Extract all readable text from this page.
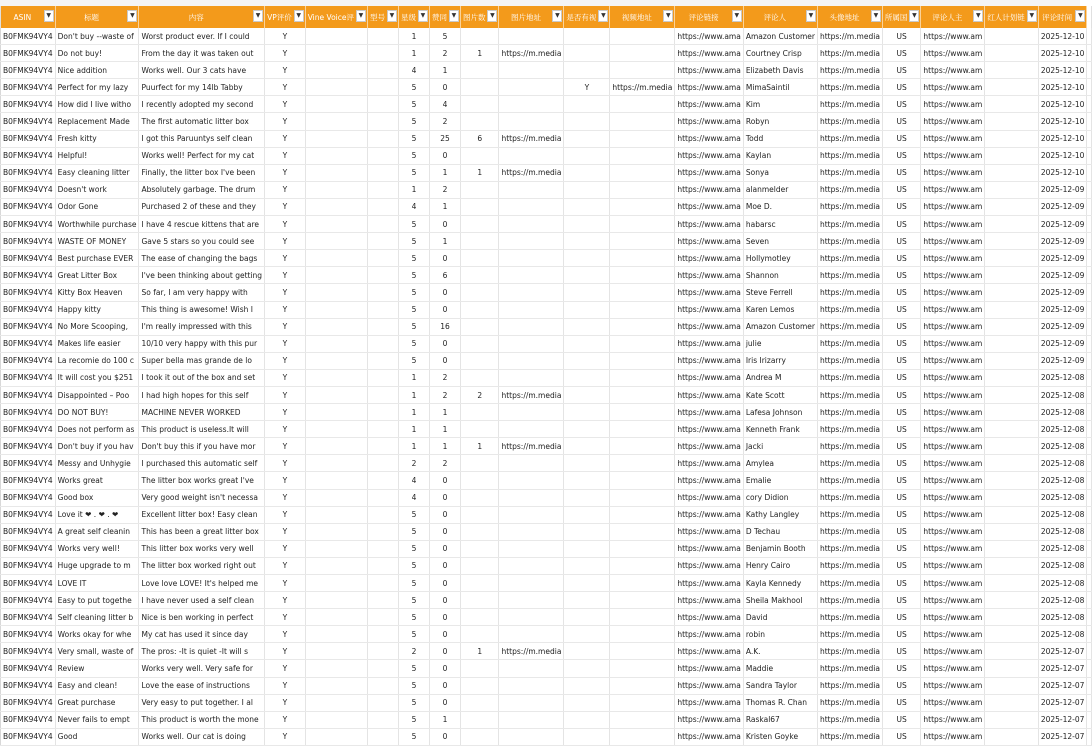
	ASIN ▼	标题 ▼	内容 ▼	VP评价 ▼	Vine Voice评 ▼	型号 ▼	星级 ▼	赞同 ▼	图片数 ▼	图片地址 ▼	是否有视 ▼	视频地址 ▼	评论链接 ▼	评论人 ▼	头像地址 ▼	所属国 ▼	评论人主 ▼	红人计划链 ▼	评论时间 ▼	

	B0FMK94VY4	Don't buy --waste of	Worst product ever. If I could	Y			1	5					https://www.ama	Amazon Customer	https://m.media	US	https://www.am		2025-12-10	
	B0FMK94VY4	Do not buy!	From the day it was taken out	Y			1	2	1	https://m.media			https://www.ama	Courtney Crisp	https://m.media	US	https://www.am		2025-12-10	
	B0FMK94VY4	Nice addition	Works well. Our 3 cats have	Y			4	1					https://www.ama	Elizabeth Davis	https://m.media	US	https://www.am		2025-12-10	
	B0FMK94VY4	Perfect for my lazy	Puurfect for my 14lb Tabby	Y			5	0			Y	https://m.media	https://www.ama	MimaSaintil	https://m.media	US	https://www.am		2025-12-10	
	B0FMK94VY4	How did I live witho	I recently adopted my second	Y			5	4					https://www.ama	Kim	https://m.media	US	https://www.am		2025-12-10	
	B0FMK94VY4	Replacement Made	The first automatic litter box	Y			5	2					https://www.ama	Robyn	https://m.media	US	https://www.am		2025-12-10	
	B0FMK94VY4	Fresh kitty	I got this Paruuntys self clean	Y			5	25	6	https://m.media			https://www.ama	Todd	https://m.media	US	https://www.am		2025-12-10	
	B0FMK94VY4	Helpful!	Works well! Perfect for my cat	Y			5	0					https://www.ama	Kaylan	https://m.media	US	https://www.am		2025-12-10	
	B0FMK94VY4	Easy cleaning litter	Finally, the litter box I've been	Y			5	1	1	https://m.media			https://www.ama	Sonya	https://m.media	US	https://www.am		2025-12-10	
	B0FMK94VY4	Doesn't work	Absolutely garbage. The drum	Y			1	2					https://www.ama	alanmelder	https://m.media	US	https://www.am		2025-12-09	
	B0FMK94VY4	Odor Gone	Purchased 2 of these and they	Y			4	1					https://www.ama	Moe D.	https://m.media	US	https://www.am		2025-12-09	
	B0FMK94VY4	Worthwhile purchase	I have 4 rescue kittens that are	Y			5	0					https://www.ama	habarsc	https://m.media	US	https://www.am		2025-12-09	
	B0FMK94VY4	WASTE OF MONEY	Gave 5 stars so you could see	Y			5	1					https://www.ama	Seven	https://m.media	US	https://www.am		2025-12-09	
	B0FMK94VY4	Best purchase EVER	The ease of changing the bags	Y			5	0					https://www.ama	Hollymotley	https://m.media	US	https://www.am		2025-12-09	
	B0FMK94VY4	Great Litter Box	I've been thinking about getting	Y			5	6					https://www.ama	Shannon	https://m.media	US	https://www.am		2025-12-09	
	B0FMK94VY4	Kitty Box Heaven	So far, I am very happy with	Y			5	0					https://www.ama	Steve Ferrell	https://m.media	US	https://www.am		2025-12-09	
	B0FMK94VY4	Happy kitty	This thing is awesome! Wish I	Y			5	0					https://www.ama	Karen Lemos	https://m.media	US	https://www.am		2025-12-09	
	B0FMK94VY4	No More Scooping,	I'm really impressed with this	Y			5	16					https://www.ama	Amazon Customer	https://m.media	US	https://www.am		2025-12-09	
	B0FMK94VY4	Makes life easier	10/10 very happy with this pur	Y			5	0					https://www.ama	julie	https://m.media	US	https://www.am		2025-12-09	
	B0FMK94VY4	La recomie do 100 c	Super bella mas grande de lo	Y			5	0					https://www.ama	Iris Irizarry	https://m.media	US	https://www.am		2025-12-09	
	B0FMK94VY4	It will cost you $251	I took it out of the box and set	Y			1	2					https://www.ama	Andrea M	https://m.media	US	https://www.am		2025-12-08	
	B0FMK94VY4	Disappointed – Poo	I had high hopes for this self	Y			1	2	2	https://m.media			https://www.ama	Kate Scott	https://m.media	US	https://www.am		2025-12-08	
	B0FMK94VY4	DO NOT BUY!	MACHINE NEVER WORKED	Y			1	1					https://www.ama	Lafesa Johnson	https://m.media	US	https://www.am		2025-12-08	
	B0FMK94VY4	Does not perform as	This product is useless.It will	Y			1	1					https://www.ama	Kenneth Frank	https://m.media	US	https://www.am		2025-12-08	
	B0FMK94VY4	Don't buy if you hav	Don't buy this if you have mor	Y			1	1	1	https://m.media			https://www.ama	Jacki	https://m.media	US	https://www.am		2025-12-08	
	B0FMK94VY4	Messy and Unhygie	I purchased this automatic self	Y			2	2					https://www.ama	Amylea	https://m.media	US	https://www.am		2025-12-08	
	B0FMK94VY4	Works great	The litter box works great I've	Y			4	0					https://www.ama	Emalie	https://m.media	US	https://www.am		2025-12-08	
	B0FMK94VY4	Good box	Very good weight isn't necessa	Y			4	0					https://www.ama	cory Didion	https://m.media	US	https://www.am		2025-12-08	
	B0FMK94VY4	Love it ❤ . ❤ . ❤	Excellent litter box! Easy clean	Y			5	0					https://www.ama	Kathy Langley	https://m.media	US	https://www.am		2025-12-08	
	B0FMK94VY4	A great self cleanin	This has been a great litter box	Y			5	0					https://www.ama	D Techau	https://m.media	US	https://www.am		2025-12-08	
	B0FMK94VY4	Works very well!	This litter box works very well	Y			5	0					https://www.ama	Benjamin Booth	https://m.media	US	https://www.am		2025-12-08	
	B0FMK94VY4	Huge upgrade to m	The litter box worked right out	Y			5	0					https://www.ama	Henry Cairo	https://m.media	US	https://www.am		2025-12-08	
	B0FMK94VY4	LOVE IT	Love love LOVE! It's helped me	Y			5	0					https://www.ama	Kayla Kennedy	https://m.media	US	https://www.am		2025-12-08	
	B0FMK94VY4	Easy to put togethe	I have never used a self clean	Y			5	0					https://www.ama	Sheila Makhool	https://m.media	US	https://www.am		2025-12-08	
	B0FMK94VY4	Self cleaning litter b	Nice is ben working in perfect	Y			5	0					https://www.ama	David	https://m.media	US	https://www.am		2025-12-08	
	B0FMK94VY4	Works okay for whe	My cat has used it since day	Y			5	0					https://www.ama	robin	https://m.media	US	https://www.am		2025-12-08	
	B0FMK94VY4	Very small, waste of	The pros: -It is quiet -It will s	Y			2	0	1	https://m.media			https://www.ama	A.K.	https://m.media	US	https://www.am		2025-12-07	
	B0FMK94VY4	Review	Works very well. Very safe for	Y			5	0					https://www.ama	Maddie	https://m.media	US	https://www.am		2025-12-07	
	B0FMK94VY4	Easy and clean!	Love the ease of instructions	Y			5	0					https://www.ama	Sandra Taylor	https://m.media	US	https://www.am		2025-12-07	
	B0FMK94VY4	Great purchase	Very easy to put together. I al	Y			5	0					https://www.ama	Thomas R. Chan	https://m.media	US	https://www.am		2025-12-07	
	B0FMK94VY4	Never fails to empt	This product is worth the mone	Y			5	1					https://www.ama	Raskal67	https://m.media	US	https://www.am		2025-12-07	
	B0FMK94VY4	Good	Works well. Our cat is doing	Y			5	0					https://www.ama	Kristen Goyke	https://m.media	US	https://www.am		2025-12-07	
